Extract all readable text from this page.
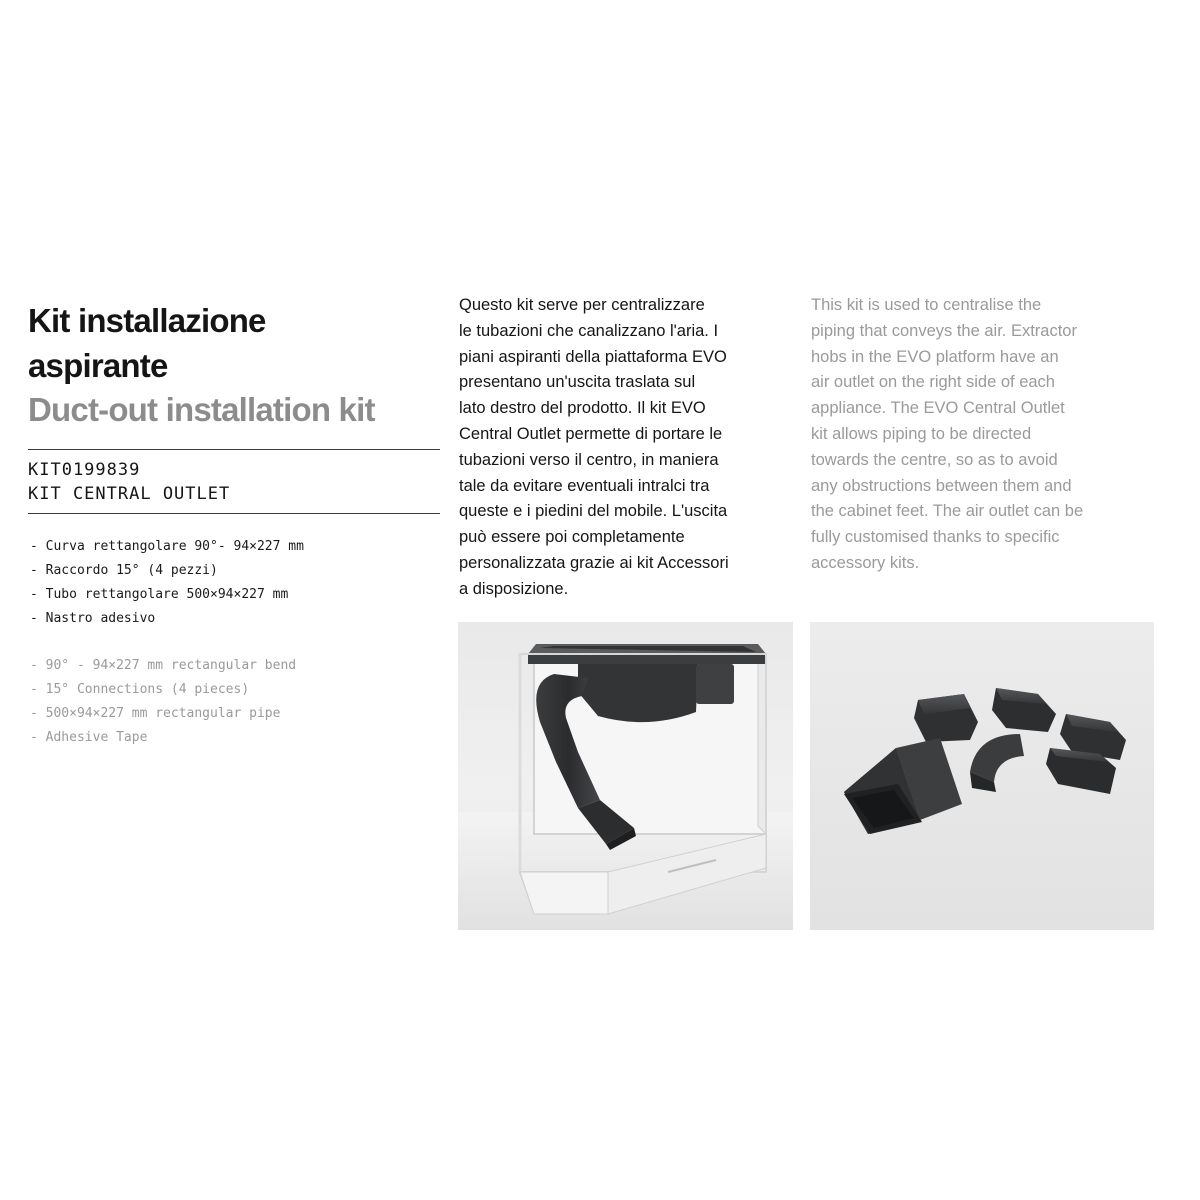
Kit installazione
aspirante
Duct-out installation kit
KIT0199839
KIT CENTRAL OUTLET
- Curva rettangolare 90°- 94×227 mm
- Raccordo 15° (4 pezzi)
- Tubo rettangolare 500×94×227 mm
- Nastro adesivo
- 90° - 94×227 mm rectangular bend
- 15° Connections (4 pieces)
- 500×94×227 mm rectangular pipe
- Adhesive Tape
Questo kit serve per centralizzare
le tubazioni che canalizzano l'aria. I
piani aspiranti della piattaforma EVO
presentano un'uscita traslata sul
lato destro del prodotto. Il kit EVO
Central Outlet permette di portare le
tubazioni verso il centro, in maniera
tale da evitare eventuali intralci tra
queste e i piedini del mobile. L'uscita
può essere poi completamente
personalizzata grazie ai kit Accessori
a disposizione.
This kit is used to centralise the
piping that conveys the air. Extractor
hobs in the EVO platform have an
air outlet on the right side of each
appliance. The EVO Central Outlet
kit allows piping to be directed
towards the centre, so as to avoid
any obstructions between them and
the cabinet feet. The air outlet can be
fully customised thanks to specific
accessory kits.
